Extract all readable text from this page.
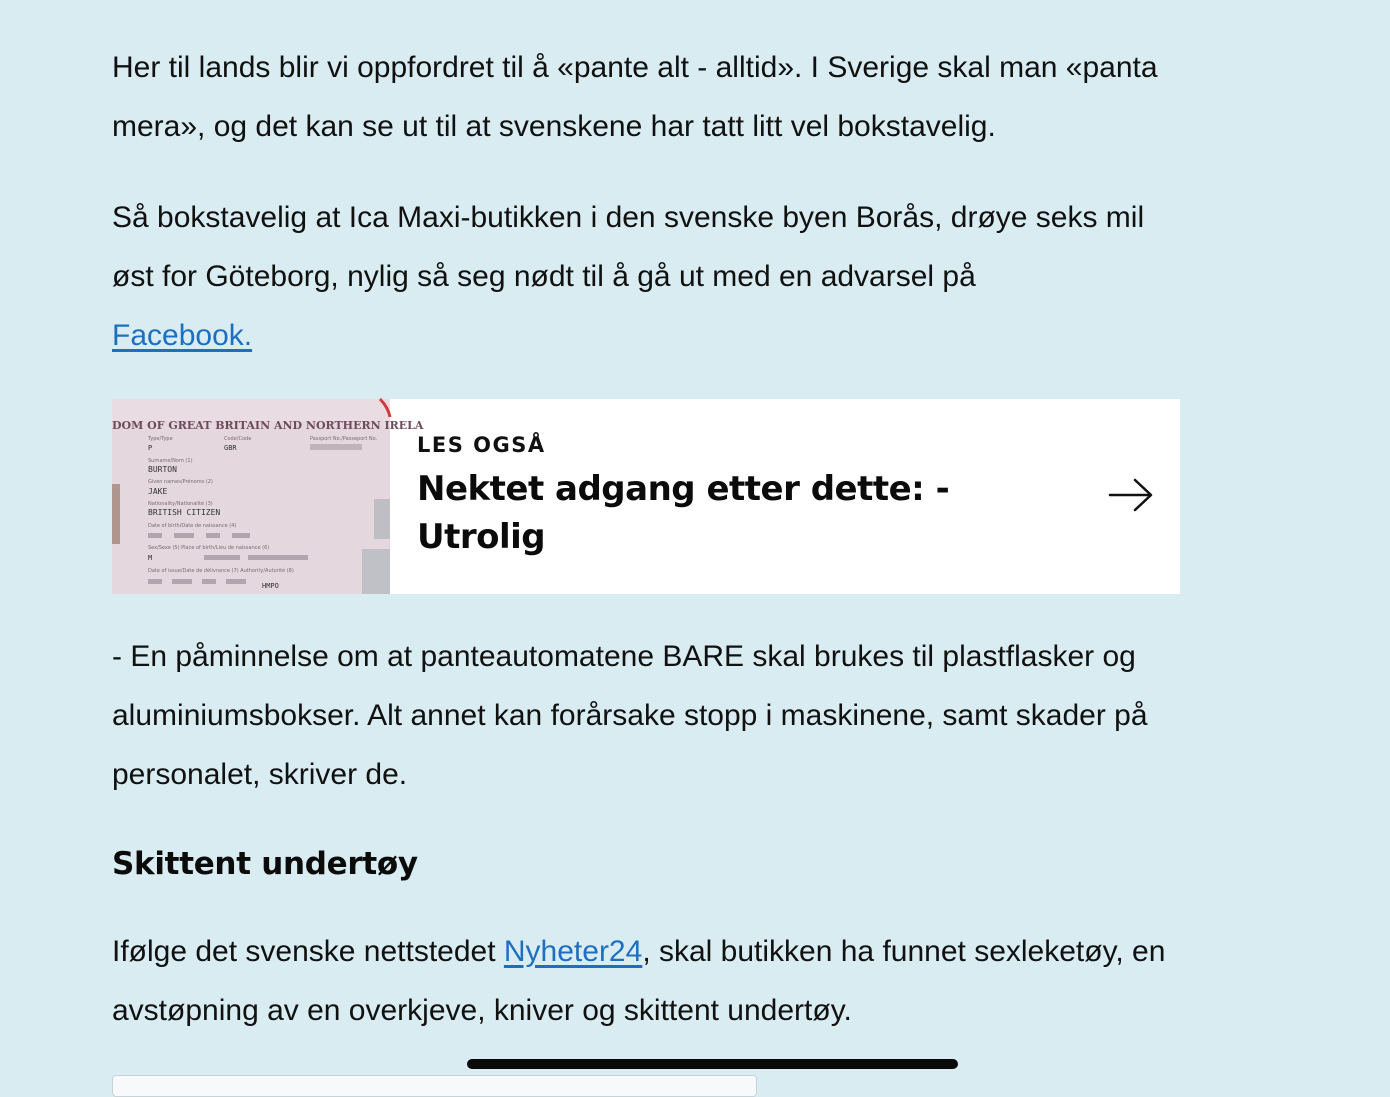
Her til lands blir vi oppfordret til å «pante alt - alltid». I Sverige skal man «panta mera», og det kan se ut til at svenskene har tatt litt vel bokstavelig.

Så bokstavelig at Ica Maxi-butikken i den svenske byen Borås, drøye seks mil øst for Göteborg, nylig så seg nødt til å gå ut med en advarsel på
Facebook.

DOM OF GREAT BRITAIN AND NORTHERN IRELA
Type/Type
P
Code/Code
GBR
Passport No./Passeport No.
Surname/Nom (1)
BURTON
Given names/Prénoms (2)
JAKE
Nationality/Nationalité (3)
BRITISH CITIZEN
Date of birth/Date de naissance (4)
Sex/Sexe (5) Place of birth/Lieu de naissance (6)
M
Date of issue/Date de délivrance (7) Authority/Autorité (8)
HMPO
LES OGSÅ
Nektet adgang etter dette: - Utrolig

- En påminnelse om at panteautomatene BARE skal brukes til plastflasker og aluminiumsbokser. Alt annet kan forårsake stopp i maskinene, samt skader på personalet, skriver de.

Skittent undertøy

Ifølge det svenske nettstedet Nyheter24, skal butikken ha funnet sexleketøy, en avstøpning av en overkjeve, kniver og skittent undertøy.
